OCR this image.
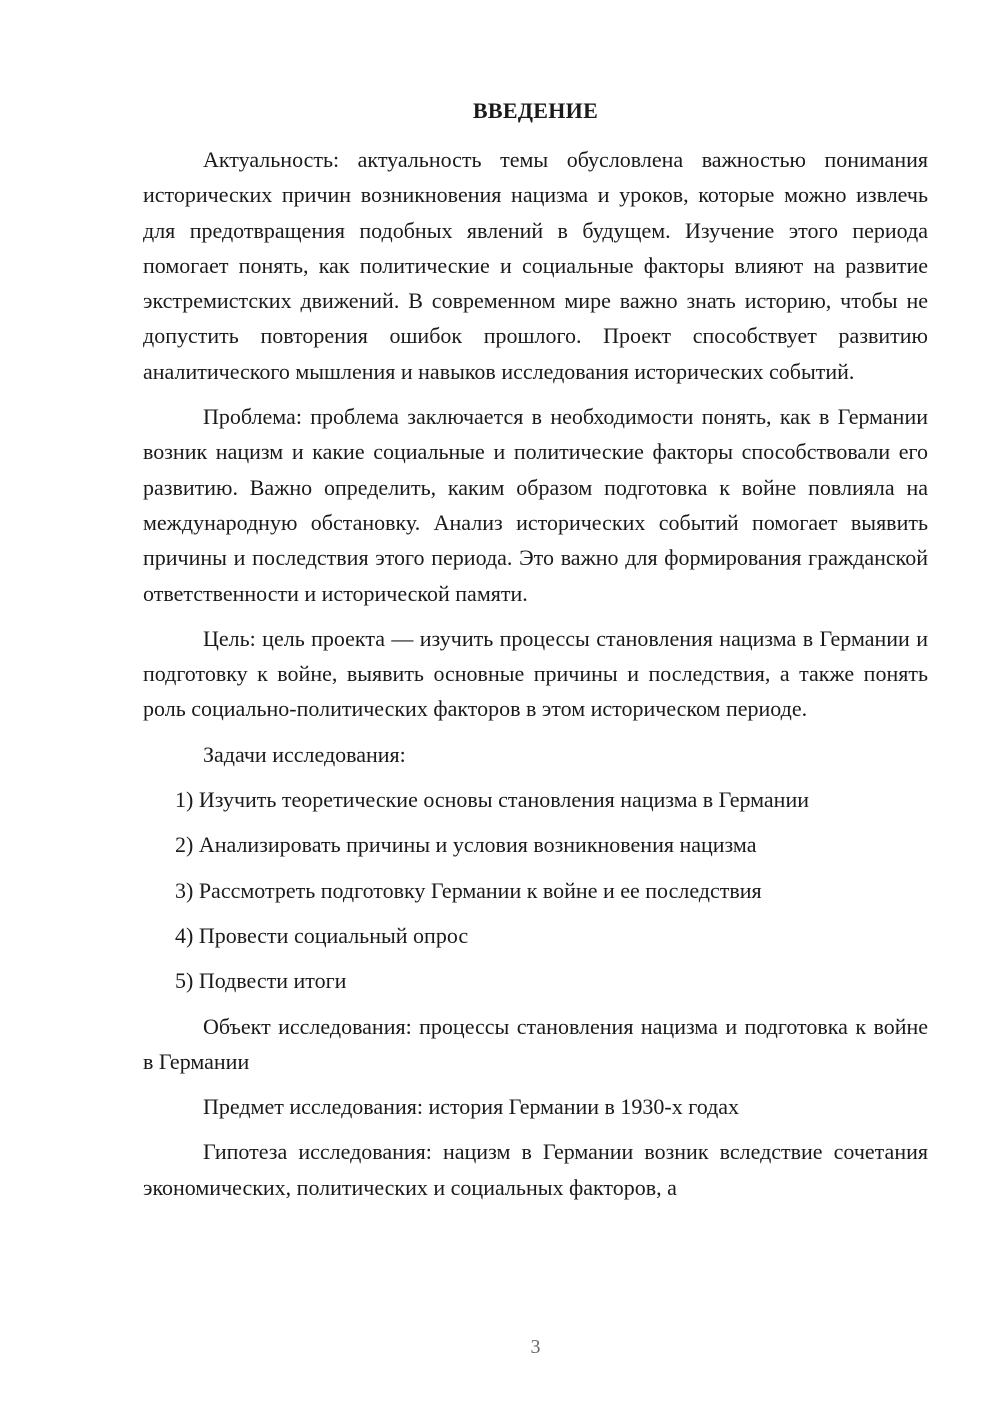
ВВЕДЕНИЕ

Актуальность: актуальность темы обусловлена важностью понимания исторических причин возникновения нацизма и уроков, которые можно извлечь для предотвращения подобных явлений в будущем. Изучение этого периода помогает понять, как политические и социальные факторы влияют на развитие экстремистских движений. В современном мире важно знать историю, чтобы не допустить повторения ошибок прошлого. Проект способствует развитию аналитического мышления и навыков исследования исторических событий.

Проблема: проблема заключается в необходимости понять, как в Германии возник нацизм и какие социальные и политические факторы способствовали его развитию. Важно определить, каким образом подготовка к войне повлияла на международную обстановку. Анализ исторических событий помогает выявить причины и последствия этого периода. Это важно для формирования гражданской ответственности и исторической памяти.

Цель: цель проекта — изучить процессы становления нацизма в Германии и подготовку к войне, выявить основные причины и последствия, а также понять роль социально-политических факторов в этом историческом периоде.

Задачи исследования:

1) Изучить теоретические основы становления нацизма в Германии

2) Анализировать причины и условия возникновения нацизма

3) Рассмотреть подготовку Германии к войне и ее последствия

4) Провести социальный опрос

5) Подвести итоги

Объект исследования: процессы становления нацизма и подготовка к войне в Германии

Предмет исследования: история Германии в 1930-х годах

Гипотеза исследования: нацизм в Германии возник вследствие сочетания экономических, политических и социальных факторов, а

3
